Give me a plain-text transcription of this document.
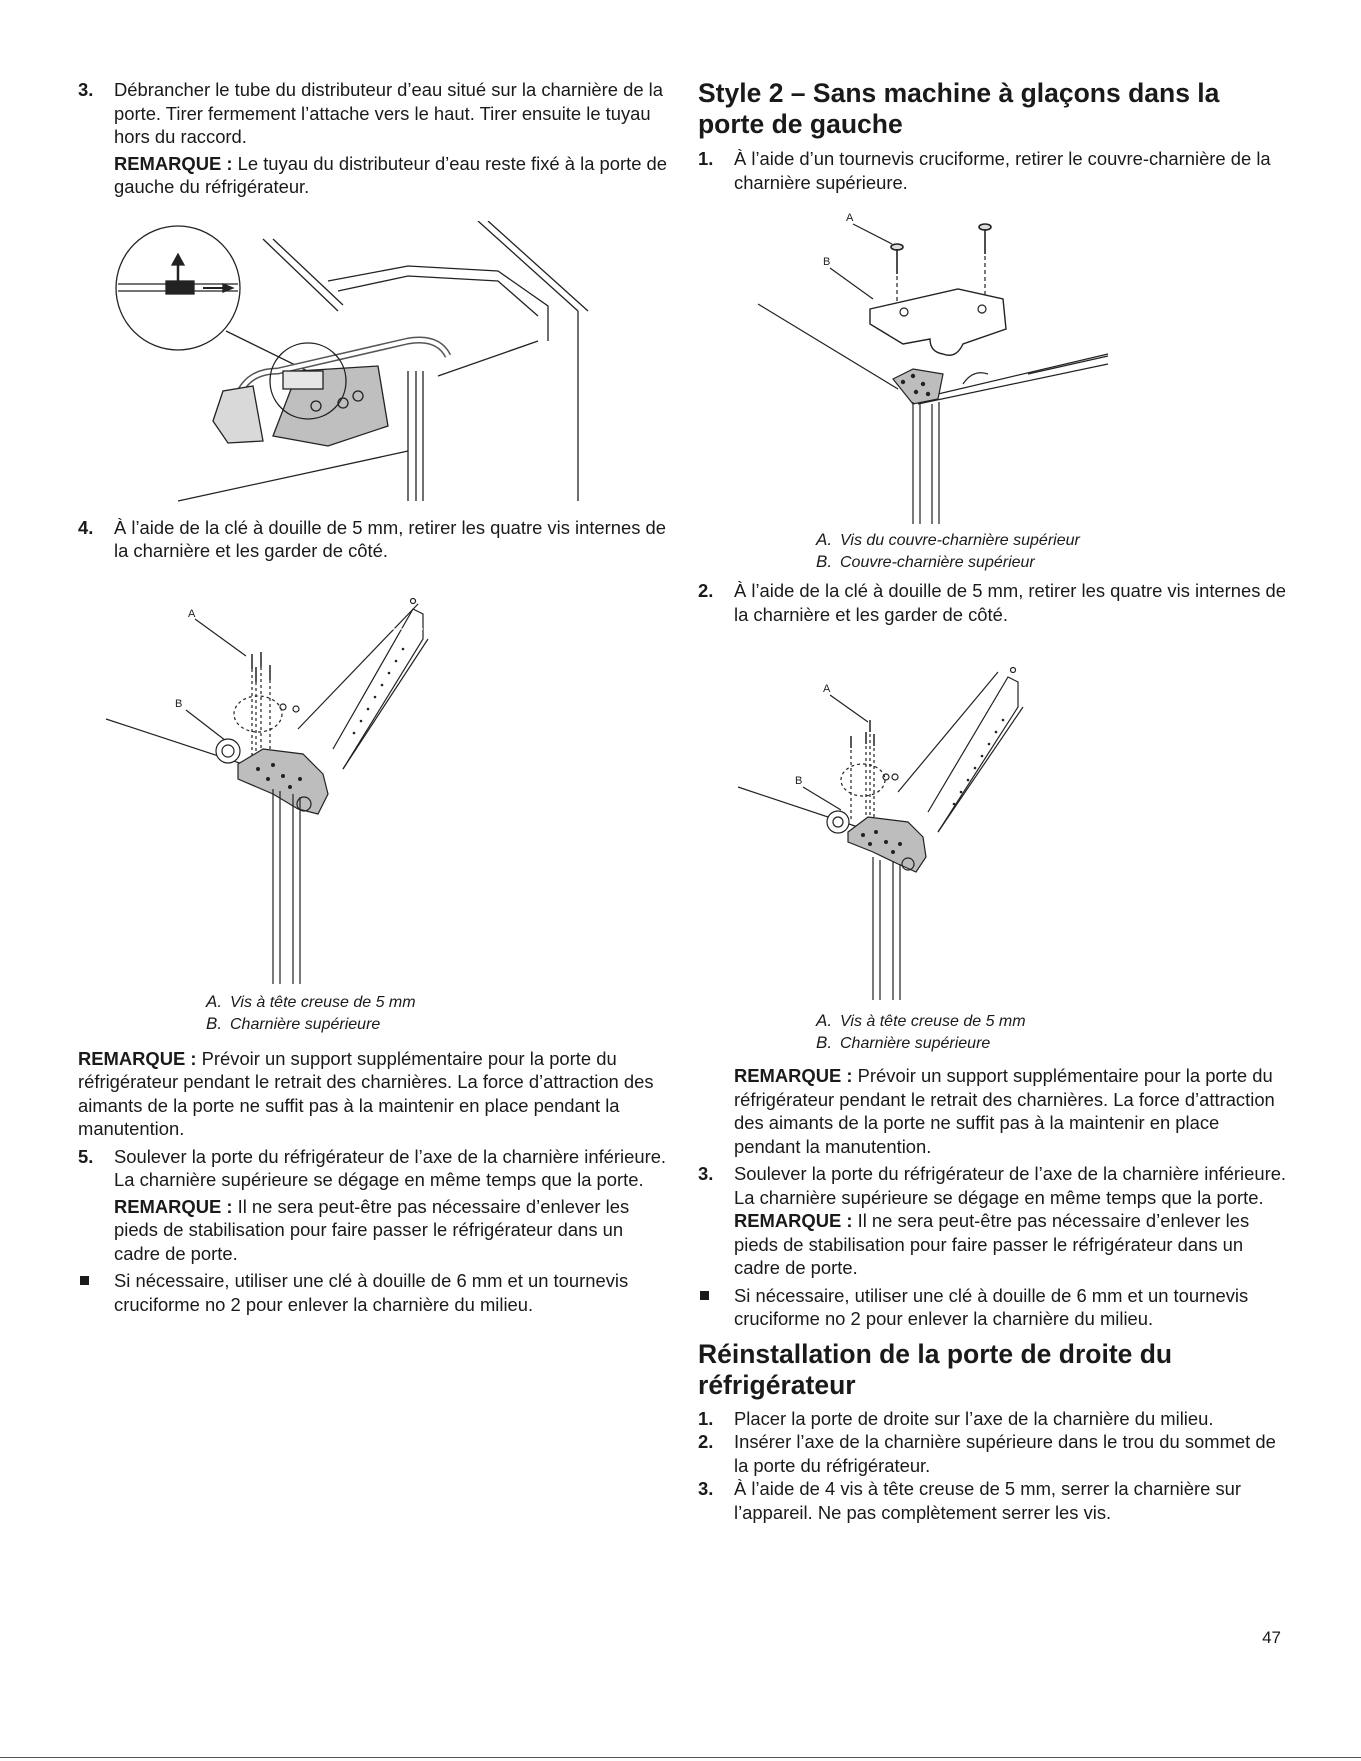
3. Débrancher le tube du distributeur d’eau situé sur la charnière de la porte. Tirer fermement l’attache vers le haut. Tirer ensuite le tuyau hors du raccord.

REMARQUE : Le tuyau du distributeur d’eau reste fixé à la porte de gauche du réfrigérateur.

4. À l’aide de la clé à douille de 5 mm, retirer les quatre vis internes de la charnière et les garder de côté.
A
B
A. Vis à tête creuse de 5 mm
B. Charnière supérieure

REMARQUE : Prévoir un support supplémentaire pour la porte du réfrigérateur pendant le retrait des charnières. La force d’attraction des aimants de la porte ne suffit pas à la maintenir en place pendant la manutention.

5. Soulever la porte du réfrigérateur de l’axe de la charnière inférieure. La charnière supérieure se dégage en même temps que la porte.

REMARQUE : Il ne sera peut-être pas nécessaire d’enlever les pieds de stabilisation pour faire passer le réfrigérateur dans un cadre de porte.

Si nécessaire, utiliser une clé à douille de 6 mm et un tournevis cruciforme no 2 pour enlever la charnière du milieu.
Style 2 – Sans machine à glaçons dans la porte de gauche
1. À l’aide d’un tournevis cruciforme, retirer le couvre-charnière de la charnière supérieure.
A
B
A. Vis du couvre-charnière supérieur
B. Couvre-charnière supérieur
2. À l’aide de la clé à douille de 5 mm, retirer les quatre vis internes de la charnière et les garder de côté.
A
B
A. Vis à tête creuse de 5 mm
B. Charnière supérieure

REMARQUE : Prévoir un support supplémentaire pour la porte du réfrigérateur pendant le retrait des charnières. La force d’attraction des aimants de la porte ne suffit pas à la maintenir en place pendant la manutention.

3. Soulever la porte du réfrigérateur de l’axe de la charnière inférieure. La charnière supérieure se dégage en même temps que la porte.

REMARQUE : Il ne sera peut-être pas nécessaire d’enlever les pieds de stabilisation pour faire passer le réfrigérateur dans un cadre de porte.

Si nécessaire, utiliser une clé à douille de 6 mm et un tournevis cruciforme no 2 pour enlever la charnière du milieu.
Réinstallation de la porte de droite du réfrigérateur
1. Placer la porte de droite sur l’axe de la charnière du milieu.
2. Insérer l’axe de la charnière supérieure dans le trou du sommet de la porte du réfrigérateur.
3. À l’aide de 4 vis à tête creuse de 5 mm, serrer la charnière sur l’appareil. Ne pas complètement serrer les vis.
47
